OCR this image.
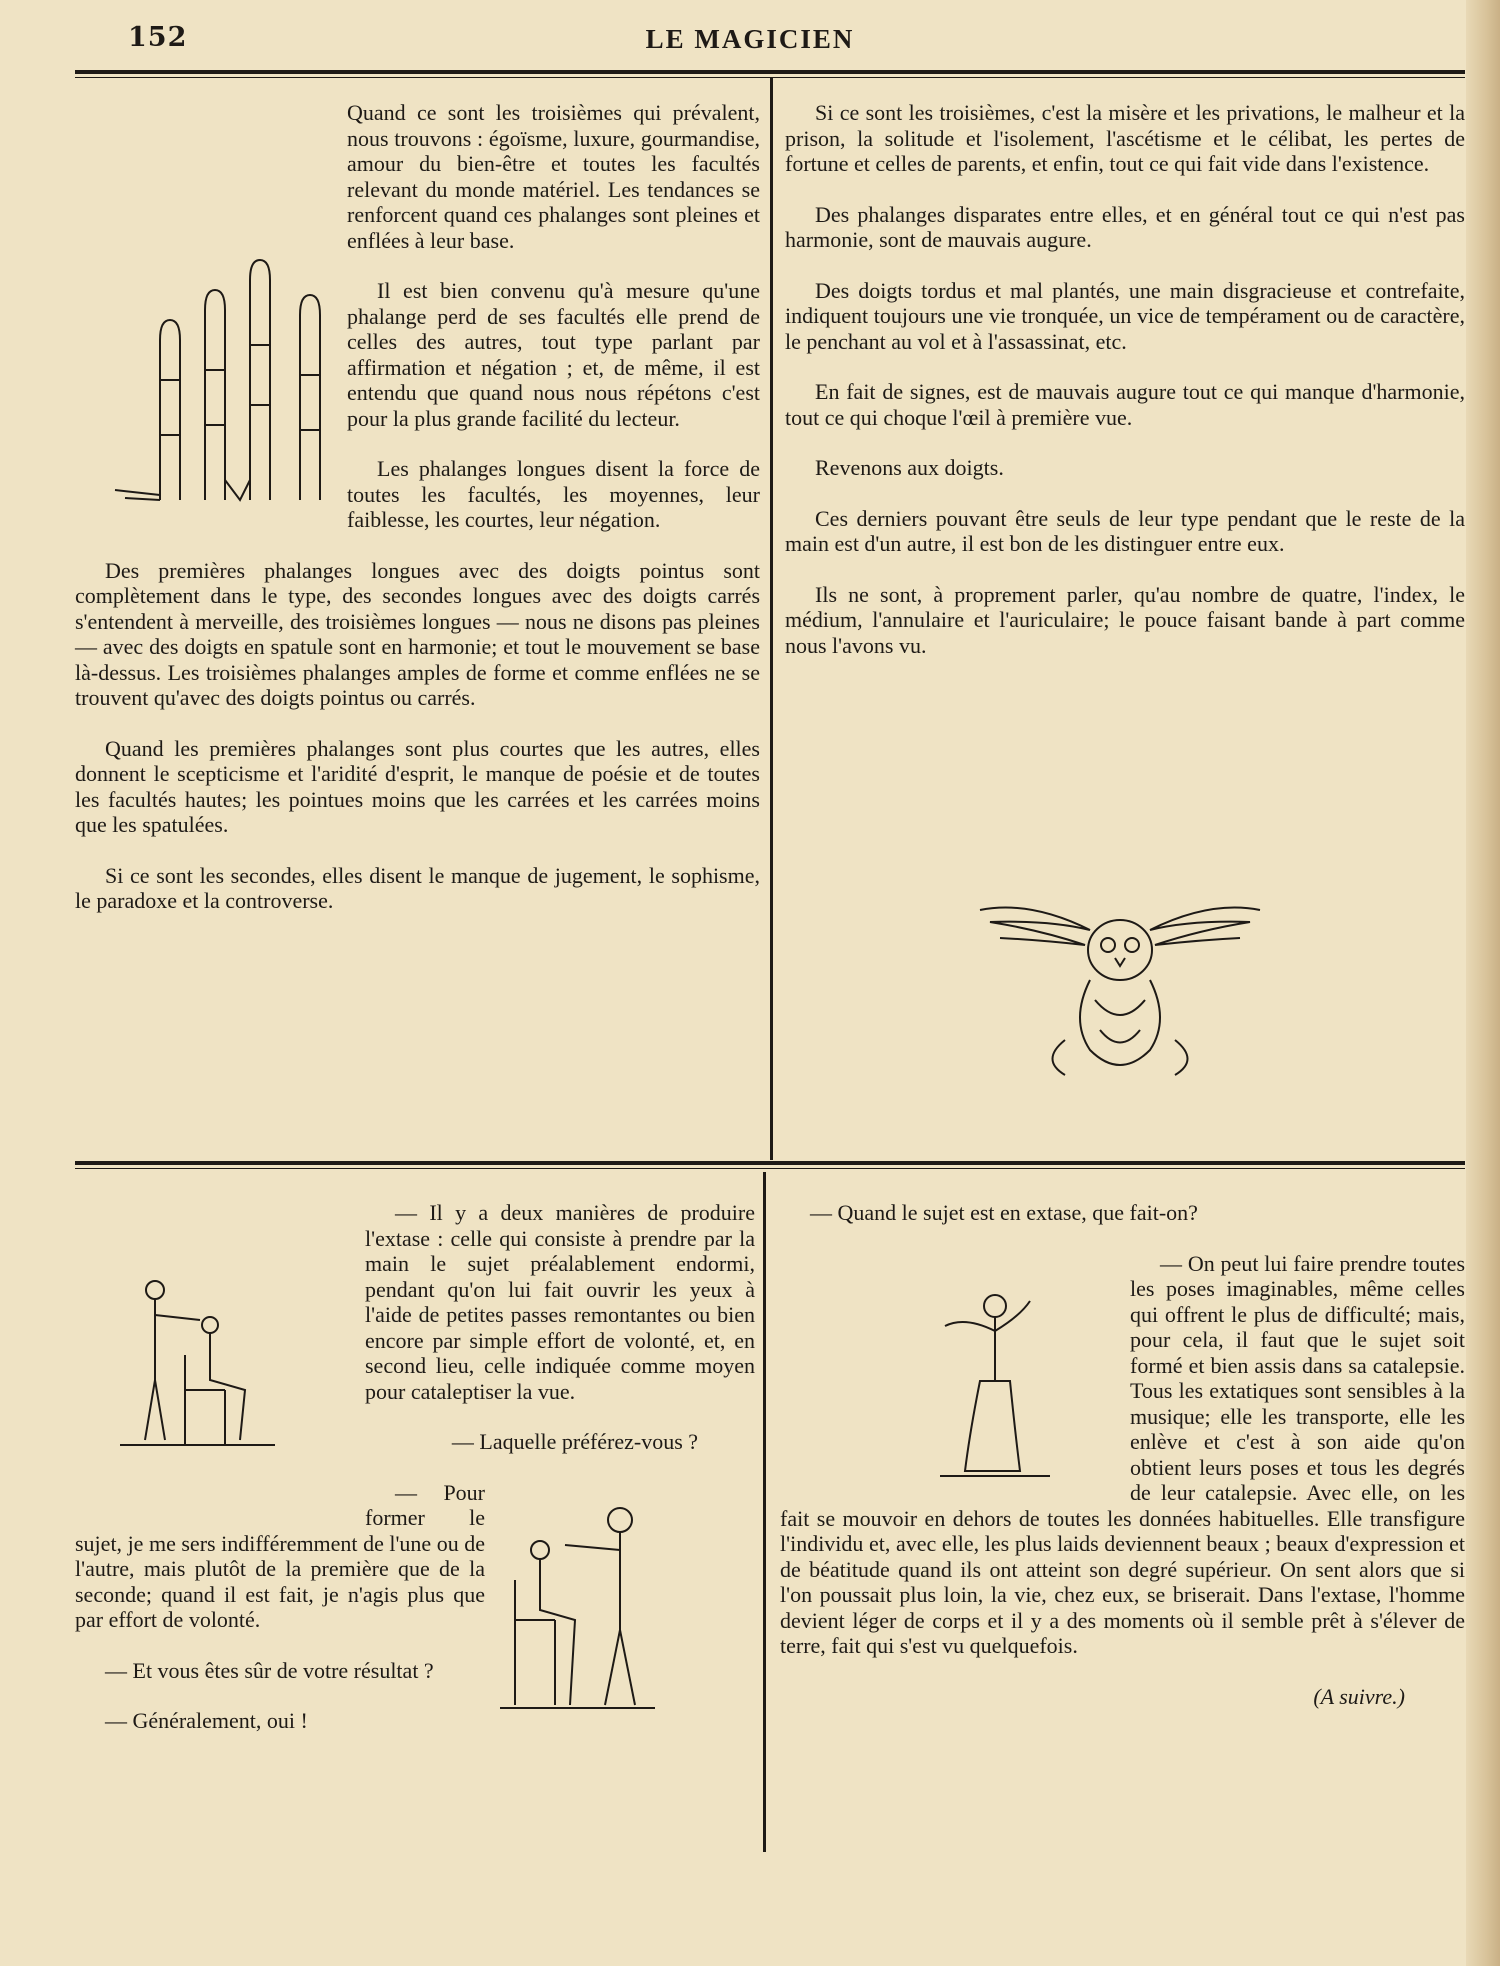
152	LE MAGICIEN

Quand ce sont les troisièmes qui prévalent, nous trouvons : égoïsme, luxure, gourmandise, amour du bien-être et toutes les facultés relevant du monde matériel. Les tendances se renforcent quand ces phalanges sont pleines et enflées à leur base.

Il est bien convenu qu'à mesure qu'une phalange perd de ses facultés elle prend de celles des autres, tout type parlant par affirmation et négation ; et, de même, il est entendu que quand nous nous répétons c'est pour la plus grande facilité du lecteur.

Les phalanges longues disent la force de toutes les facultés, les moyennes, leur faiblesse, les courtes, leur négation.

Des premières phalanges longues avec des doigts pointus sont complètement dans le type, des secondes longues avec des doigts carrés s'entendent à merveille, des troisièmes longues — nous ne disons pas pleines — avec des doigts en spatule sont en harmonie; et tout le mouvement se base là-dessus. Les troisièmes phalanges amples de forme et comme enflées ne se trouvent qu'avec des doigts pointus ou carrés.

Quand les premières phalanges sont plus courtes que les autres, elles donnent le scepticisme et l'aridité d'esprit, le manque de poésie et de toutes les facultés hautes; les pointues moins que les carrées et les carrées moins que les spatulées.

Si ce sont les secondes, elles disent le manque de jugement, le sophisme, le paradoxe et la controverse.

Si ce sont les troisièmes, c'est la misère et les privations, le malheur et la prison, la solitude et l'isolement, l'ascétisme et le célibat, les pertes de fortune et celles de parents, et enfin, tout ce qui fait vide dans l'existence.

Des phalanges disparates entre elles, et en général tout ce qui n'est pas harmonie, sont de mauvais augure.

Des doigts tordus et mal plantés, une main disgracieuse et contrefaite, indiquent toujours une vie tronquée, un vice de tempérament ou de caractère, le penchant au vol et à l'assassinat, etc.

En fait de signes, est de mauvais augure tout ce qui manque d'harmonie, tout ce qui choque l'œil à première vue.

Revenons aux doigts.

Ces derniers pouvant être seuls de leur type pendant que le reste de la main est d'un autre, il est bon de les distinguer entre eux.

Ils ne sont, à proprement parler, qu'au nombre de quatre, l'index, le médium, l'annulaire et l'auriculaire; le pouce faisant bande à part comme nous l'avons vu.

— Il y a deux manières de produire l'extase : celle qui consiste à prendre par la main le sujet préalablement endormi, pendant qu'on lui fait ouvrir les yeux à l'aide de petites passes remontantes ou bien encore par simple effort de volonté, et, en second lieu, celle indiquée comme moyen pour cataleptiser la vue.

— Laquelle préférez-vous ?

— Pour former le sujet, je me sers indifféremment de l'une ou de l'autre, mais plutôt de la première que de la seconde; quand il est fait, je n'agis plus que par effort de volonté.

— Et vous êtes sûr de votre résultat ?

— Généralement, oui !

— Quand le sujet est en extase, que fait-on?

— On peut lui faire prendre toutes les poses imaginables, même celles qui offrent le plus de difficulté; mais, pour cela, il faut que le sujet soit formé et bien assis dans sa catalepsie. Tous les extatiques sont sensibles à la musique; elle les transporte, elle les enlève et c'est à son aide qu'on obtient leurs poses et tous les degrés de leur catalepsie. Avec elle, on les fait se mouvoir en dehors de toutes les données habituelles. Elle transfigure l'individu et, avec elle, les plus laids deviennent beaux ; beaux d'expression et de béatitude quand ils ont atteint son degré supérieur. On sent alors que si l'on poussait plus loin, la vie, chez eux, se briserait. Dans l'extase, l'homme devient léger de corps et il y a des moments où il semble prêt à s'élever de terre, fait qui s'est vu quelquefois.

(A suivre.)
